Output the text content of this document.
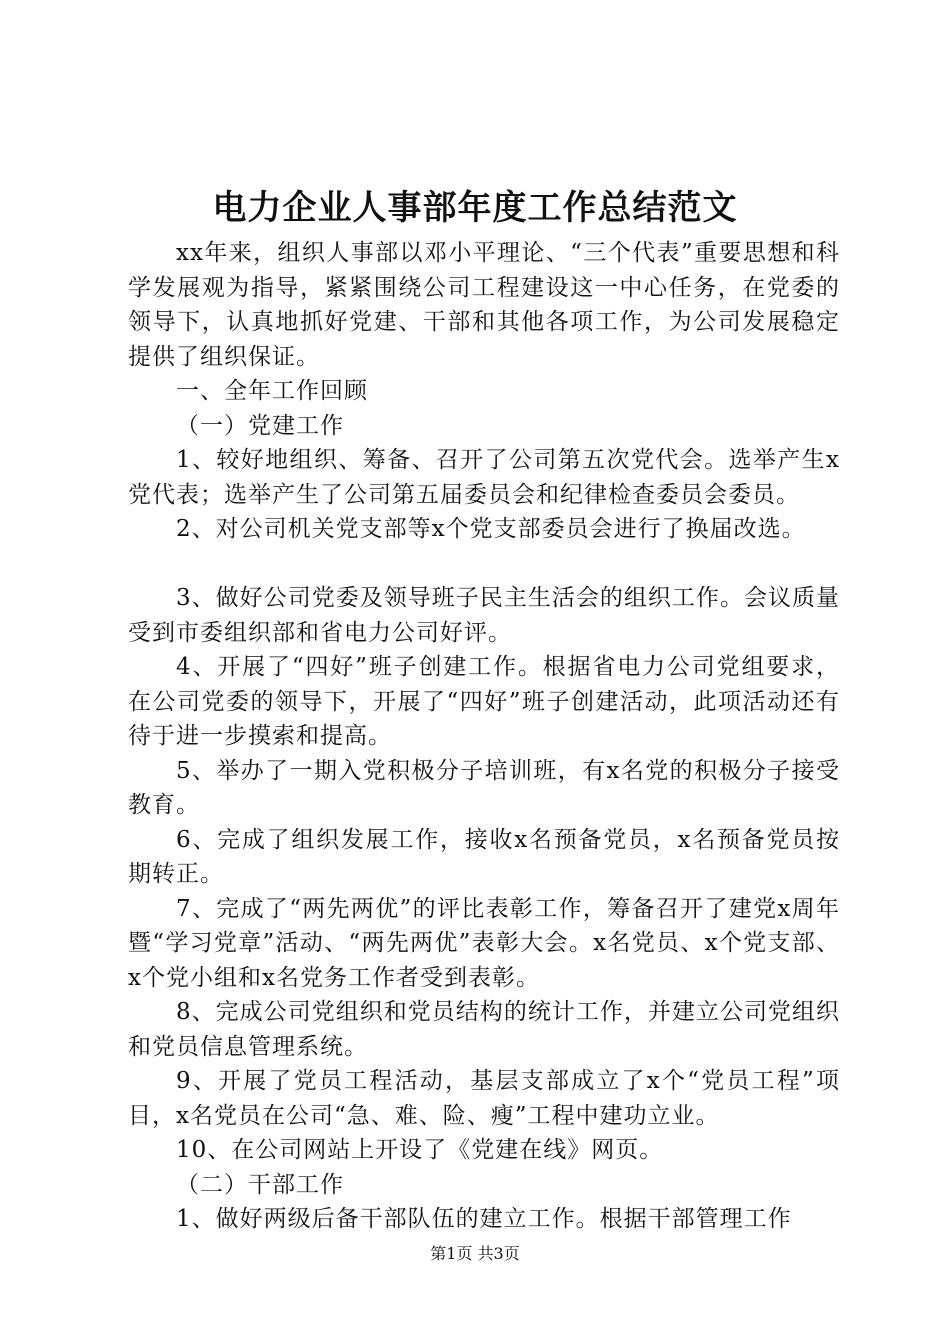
电力企业人事部年度工作总结范文

xx年来，组织人事部以邓小平理论、“三个代表”重要思想和科学发展观为指导，紧紧围绕公司工程建设这一中心任务，在党委的领导下，认真地抓好党建、干部和其他各项工作，为公司发展稳定提供了组织保证。

一、全年工作回顾

（一）党建工作

1、较好地组织、筹备、召开了公司第五次党代会。选举产生x党代表；选举产生了公司第五届委员会和纪律检查委员会委员。

2、对公司机关党支部等x个党支部委员会进行了换届改选。

3、做好公司党委及领导班子民主生活会的组织工作。会议质量受到市委组织部和省电力公司好评。

4、开展了“四好”班子创建工作。根据省电力公司党组要求，在公司党委的领导下，开展了“四好”班子创建活动，此项活动还有待于进一步摸索和提高。

5、举办了一期入党积极分子培训班，有x名党的积极分子接受教育。

6、完成了组织发展工作，接收x名预备党员，x名预备党员按期转正。

7、完成了“两先两优”的评比表彰工作，筹备召开了建党x周年暨“学习党章”活动、“两先两优”表彰大会。x名党员、x个党支部、x个党小组和x名党务工作者受到表彰。

8、完成公司党组织和党员结构的统计工作，并建立公司党组织和党员信息管理系统。

9、开展了党员工程活动，基层支部成立了x个“党员工程”项目，x名党员在公司“急、难、险、瘦”工程中建功立业。

10、在公司网站上开设了《党建在线》网页。

（二）干部工作

1、做好两级后备干部队伍的建立工作。根据干部管理工作

第1页 共3页
